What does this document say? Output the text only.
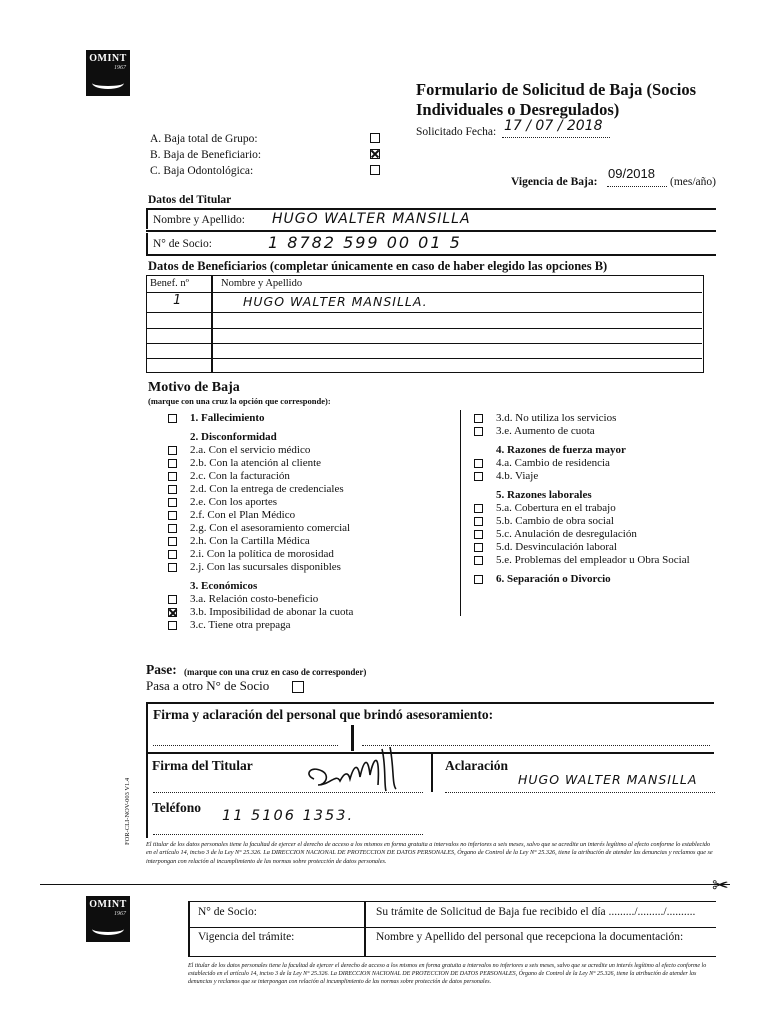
OMINT
1967
Formulario de Solicitud de Baja (Socios
Individuales o Desregulados)
Solicitado Fecha: 17 / 07 / 2018
Vigencia de Baja:
09/2018
(mes/año)
A. Baja total de Grupo:
B. Baja de Beneficiario:
C. Baja Odontológica:
Datos del Titular
Nombre y Apellido: HUGO WALTER MANSILLA
N° de Socio:	1 8782 599 00 01 5
Datos de Beneficiarios (completar únicamente en caso de haber elegido las opciones B)
Benef. nº	Nombre y Apellido
1	HUGO WALTER MANSILLA.
Motivo de Baja
(marque con una cruz la opción que corresponde):
1. Fallecimiento
2. Disconformidad
2.a. Con el servicio médico
2.b. Con la atención al cliente
2.c. Con la facturación
2.d. Con la entrega de credenciales
2.e. Con los aportes
2.f. Con el Plan Médico
2.g. Con el asesoramiento comercial
2.h. Con la Cartilla Médica
2.i. Con la política de morosidad
2.j. Con las sucursales disponibles
3. Económicos
3.a. Relación costo-beneficio
3.b. Imposibilidad de abonar la cuota
3.c. Tiene otra prepaga
3.d. No utiliza los servicios
3.e. Aumento de cuota
4. Razones de fuerza mayor
4.a. Cambio de residencia
4.b. Viaje
5. Razones laborales
5.a. Cobertura en el trabajo
5.b. Cambio de obra social
5.c. Anulación de desregulación
5.d. Desvinculación laboral
5.e. Problemas del empleador u Obra Social
6. Separación o Divorcio
Pase: (marque con una cruz en caso de corresponder)
Pasa a otro N° de Socio
Firma y aclaración del personal que brindó asesoramiento:
Firma del Titular	Aclaración
HUGO WALTER MANSILLA
Teléfono
11 5106 1353.
FOR-CLI-NOV-003 V1.4 El titular de los datos personales tiene la facultad de ejercer el derecho de acceso a los mismos en forma gratuita a intervalos no inferiores a seis meses, salvo que se acredite un interés legítimo al efecto conforme lo establecido en el artículo 14, inciso 3 de la Ley N° 25.326. La DIRECCION NACIONAL DE PROTECCION DE DATOS PERSONALES, Órgano de Control de la Ley N° 25.326, tiene la atribución de atender las denuncias y reclamos que se interpongan con relación al incumplimiento de las normas sobre protección de datos personales.
✂
OMINT
1967	N° de Socio:	Su trámite de Solicitud de Baja fue recibido el día ........./........./..........
Vigencia del trámite:	Nombre y Apellido del personal que recepciona la documentación:
El titular de los datos personales tiene la facultad de ejercer el derecho de acceso a los mismos en forma gratuita a intervalos no inferiores a seis meses, salvo que se acredite un interés legítimo al efecto conforme lo establecido en el artículo 14, inciso 3 de la Ley N° 25.326. La DIRECCION NACIONAL DE PROTECCION DE DATOS PERSONALES, Órgano de Control de la Ley N° 25.326, tiene la atribución de atender las denuncias y reclamos que se interpongan con relación al incumplimiento de las normas sobre protección de datos personales.
